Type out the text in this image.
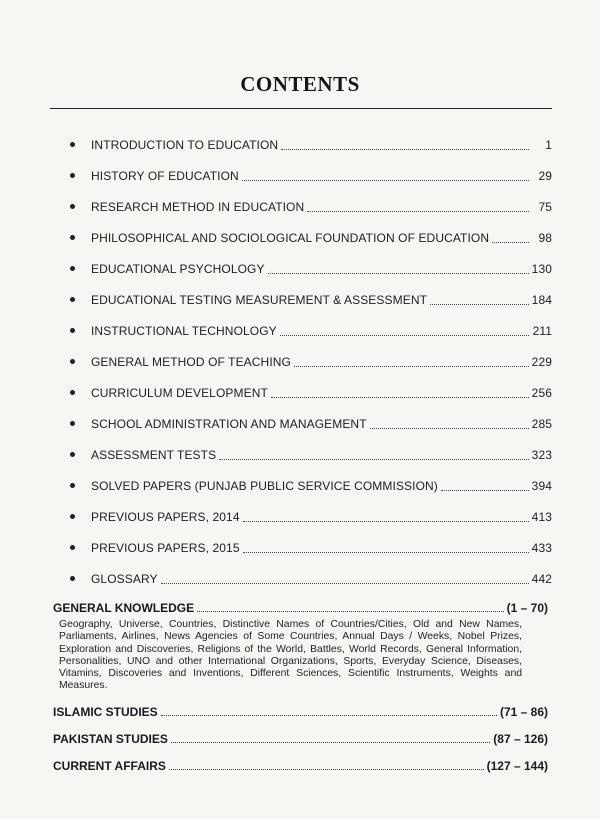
CONTENTS
INTRODUCTION TO EDUCATION	1
HISTORY OF EDUCATION	29
RESEARCH METHOD IN EDUCATION	75
PHILOSOPHICAL AND SOCIOLOGICAL FOUNDATION OF EDUCATION	98
EDUCATIONAL PSYCHOLOGY	130
EDUCATIONAL TESTING MEASUREMENT & ASSESSMENT	184
INSTRUCTIONAL TECHNOLOGY	211
GENERAL METHOD OF TEACHING	229
CURRICULUM DEVELOPMENT	256
SCHOOL ADMINISTRATION AND MANAGEMENT	285
ASSESSMENT TESTS	323
SOLVED PAPERS (PUNJAB PUBLIC SERVICE COMMISSION)	394
PREVIOUS PAPERS, 2014	413
PREVIOUS PAPERS, 2015	433
GLOSSARY	442
GENERAL KNOWLEDGE	(1 – 70)
Geography, Universe, Countries, Distinctive Names of Countries/Cities, Old and New Names, Parliaments, Airlines, News Agencies of Some Countries, Annual Days / Weeks, Nobel Prizes, Exploration and Discoveries, Religions of the World, Battles, World Records, General Information, Personalities, UNO and other International Organizations, Sports, Everyday Science, Diseases, Vitamins, Discoveries and Inventions, Different Sciences, Scientific Instruments, Weights and Measures.
ISLAMIC STUDIES	(71 – 86)
PAKISTAN STUDIES	(87 – 126)
CURRENT AFFAIRS	(127 – 144)
